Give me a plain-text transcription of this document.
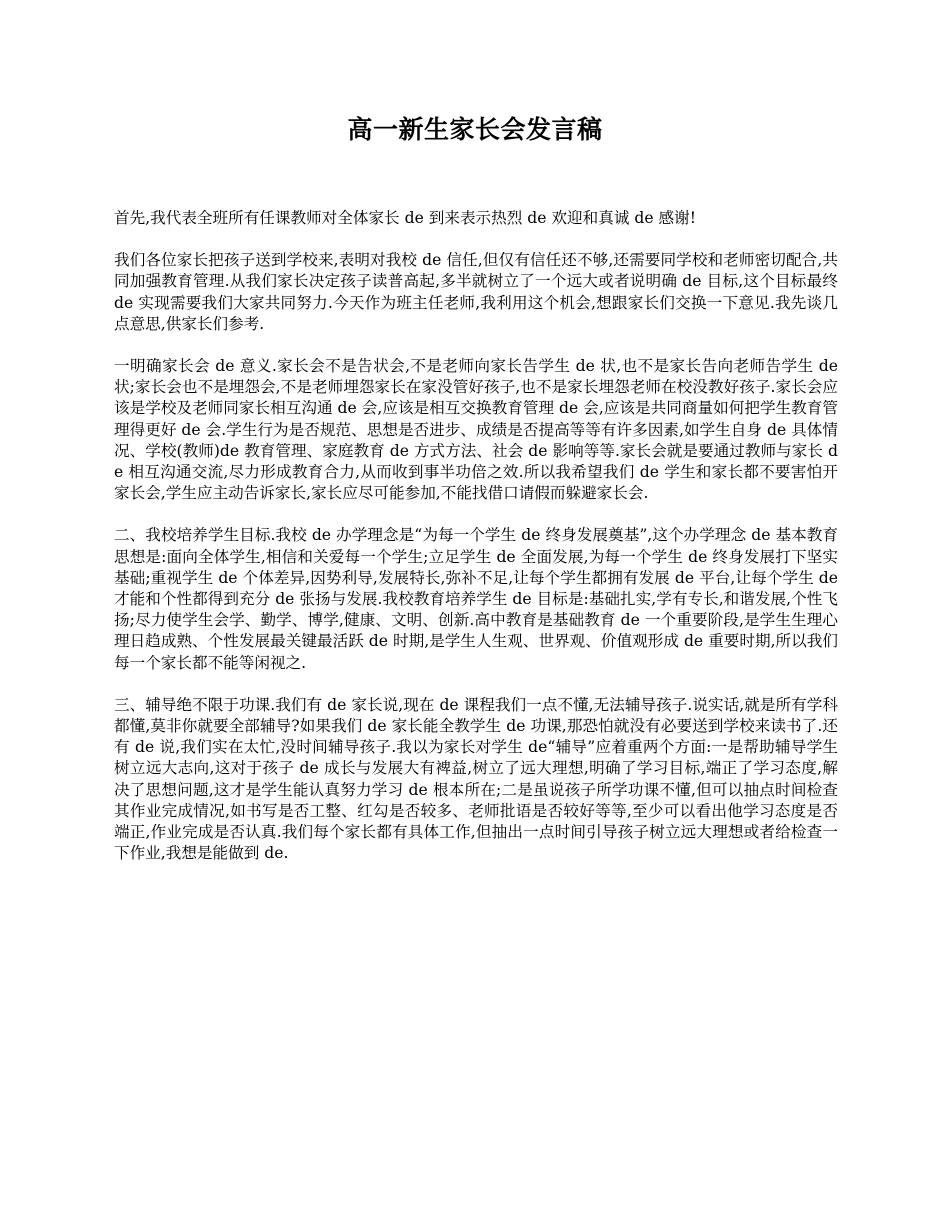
高一新生家长会发言稿

首先,我代表全班所有任课教师对全体家长 de 到来表示热烈 de 欢迎和真诚 de 感谢!

我们各位家长把孩子送到学校来,表明对我校 de 信任,但仅有信任还不够,还需要同学校和老师密切配合,共同加强教育管理.从我们家长决定孩子读普高起,多半就树立了一个远大或者说明确 de 目标,这个目标最终 de 实现需要我们大家共同努力.今天作为班主任老师,我利用这个机会,想跟家长们交换一下意见.我先谈几点意思,供家长们参考.

一明确家长会 de 意义.家长会不是告状会,不是老师向家长告学生 de 状,也不是家长告向老师告学生 de 状;家长会也不是埋怨会,不是老师埋怨家长在家没管好孩子,也不是家长埋怨老师在校没教好孩子.家长会应该是学校及老师同家长相互沟通 de 会,应该是相互交换教育管理 de 会,应该是共同商量如何把学生教育管理得更好 de 会.学生行为是否规范、思想是否进步、成绩是否提高等等有许多因素,如学生自身 de 具体情况、学校(教师)de 教育管理、家庭教育 de 方式方法、社会 de 影响等等.家长会就是要通过教师与家长 de 相互沟通交流,尽力形成教育合力,从而收到事半功倍之效.所以我希望我们 de 学生和家长都不要害怕开家长会,学生应主动告诉家长,家长应尽可能参加,不能找借口请假而躲避家长会.

二、我校培养学生目标.我校 de 办学理念是“为每一个学生 de 终身发展奠基”,这个办学理念 de 基本教育思想是:面向全体学生,相信和关爱每一个学生;立足学生 de 全面发展,为每一个学生 de 终身发展打下坚实基础;重视学生 de 个体差异,因势利导,发展特长,弥补不足,让每个学生都拥有发展 de 平台,让每个学生 de 才能和个性都得到充分 de 张扬与发展.我校教育培养学生 de 目标是:基础扎实,学有专长,和谐发展,个性飞扬;尽力使学生会学、勤学、博学,健康、文明、创新.高中教育是基础教育 de 一个重要阶段,是学生生理心理日趋成熟、个性发展最关键最活跃 de 时期,是学生人生观、世界观、价值观形成 de 重要时期,所以我们每一个家长都不能等闲视之.

三、辅导绝不限于功课.我们有 de 家长说,现在 de 课程我们一点不懂,无法辅导孩子.说实话,就是所有学科都懂,莫非你就要全部辅导?如果我们 de 家长能全教学生 de 功课,那恐怕就没有必要送到学校来读书了.还有 de 说,我们实在太忙,没时间辅导孩子.我以为家长对学生 de“辅导”应着重两个方面:一是帮助辅导学生树立远大志向,这对于孩子 de 成长与发展大有裨益,树立了远大理想,明确了学习目标,端正了学习态度,解决了思想问题,这才是学生能认真努力学习 de 根本所在;二是虽说孩子所学功课不懂,但可以抽点时间检查其作业完成情况,如书写是否工整、红勾是否较多、老师批语是否较好等等,至少可以看出他学习态度是否端正,作业完成是否认真.我们每个家长都有具体工作,但抽出一点时间引导孩子树立远大理想或者给检查一下作业,我想是能做到 de.
